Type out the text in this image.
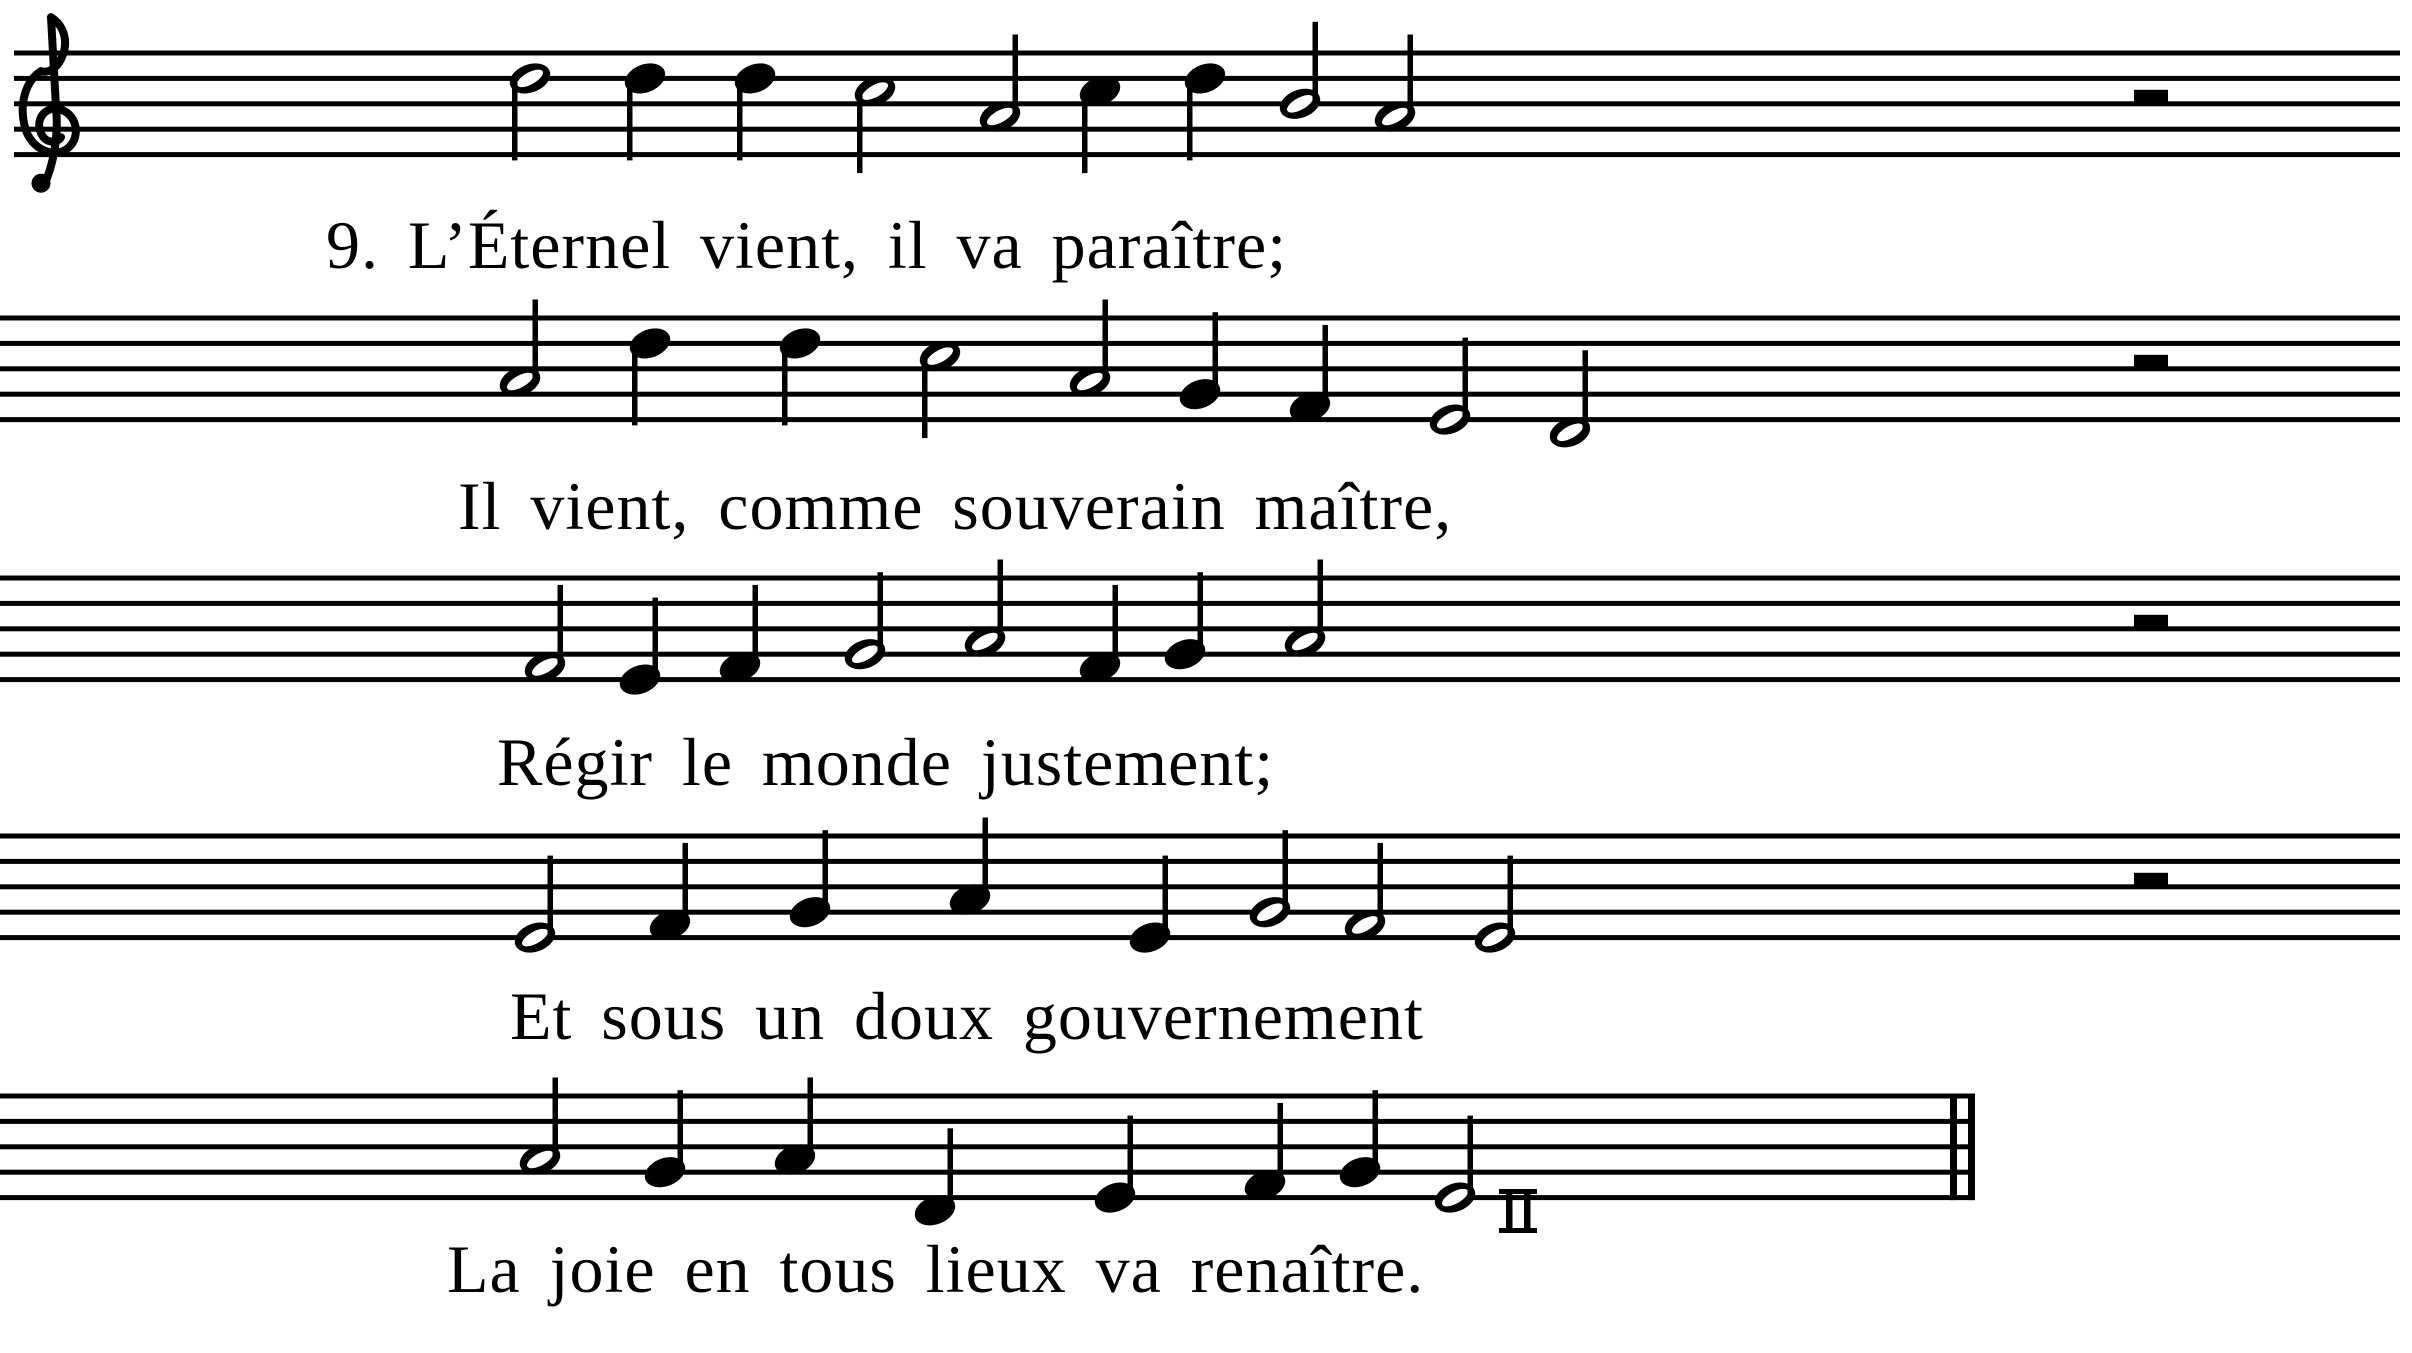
9. L’Éternel vient, il va paraître;
Il vient, comme souverain maître,
Régir le monde justement;
Et sous un doux gouvernement
La joie en tous lieux va renaître.
